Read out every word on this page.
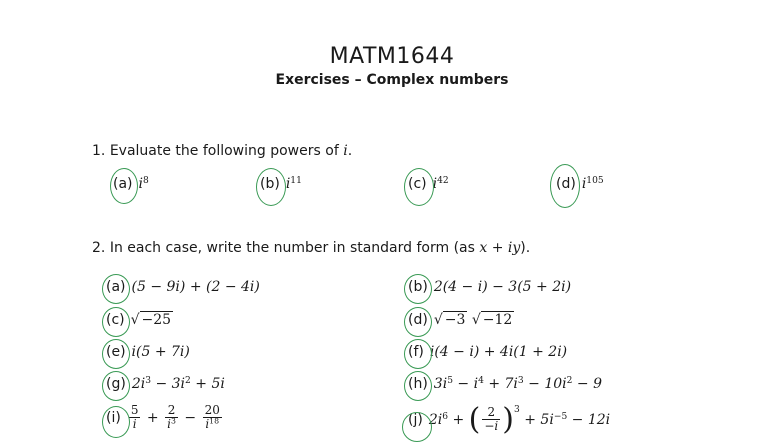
MATM1644
Exercises – Complex numbers
1. Evaluate the following powers of i.
(a) $i^8$	(b) $i^{11}$	(c) $i^{42}$	(d) $i^{105}$
2. In each case, write the number in standard form (as x + iy).
(a) (5 − 9i) + (2 − 4i)
(c) √ −25
(e) i(5 + 7i)
(g) $2i^3 - 3i^2 + 5i$
$(i) \frac{5}{i} + \frac{2}{i^3} - \frac{20}{i^{18}}$
(b) 2(4 − i) − 3(5 + 2i)
(d) √ −3 √ −12
(f) i(4 − i) + 4i(1 + 2i)
(h) $3i^5 - i^4 + 7i^3 - 10i^2 - 9$
(j) $2i^6$ + ( $\frac{2}{-i} )^3 + 5i^{-5} - 12i$
